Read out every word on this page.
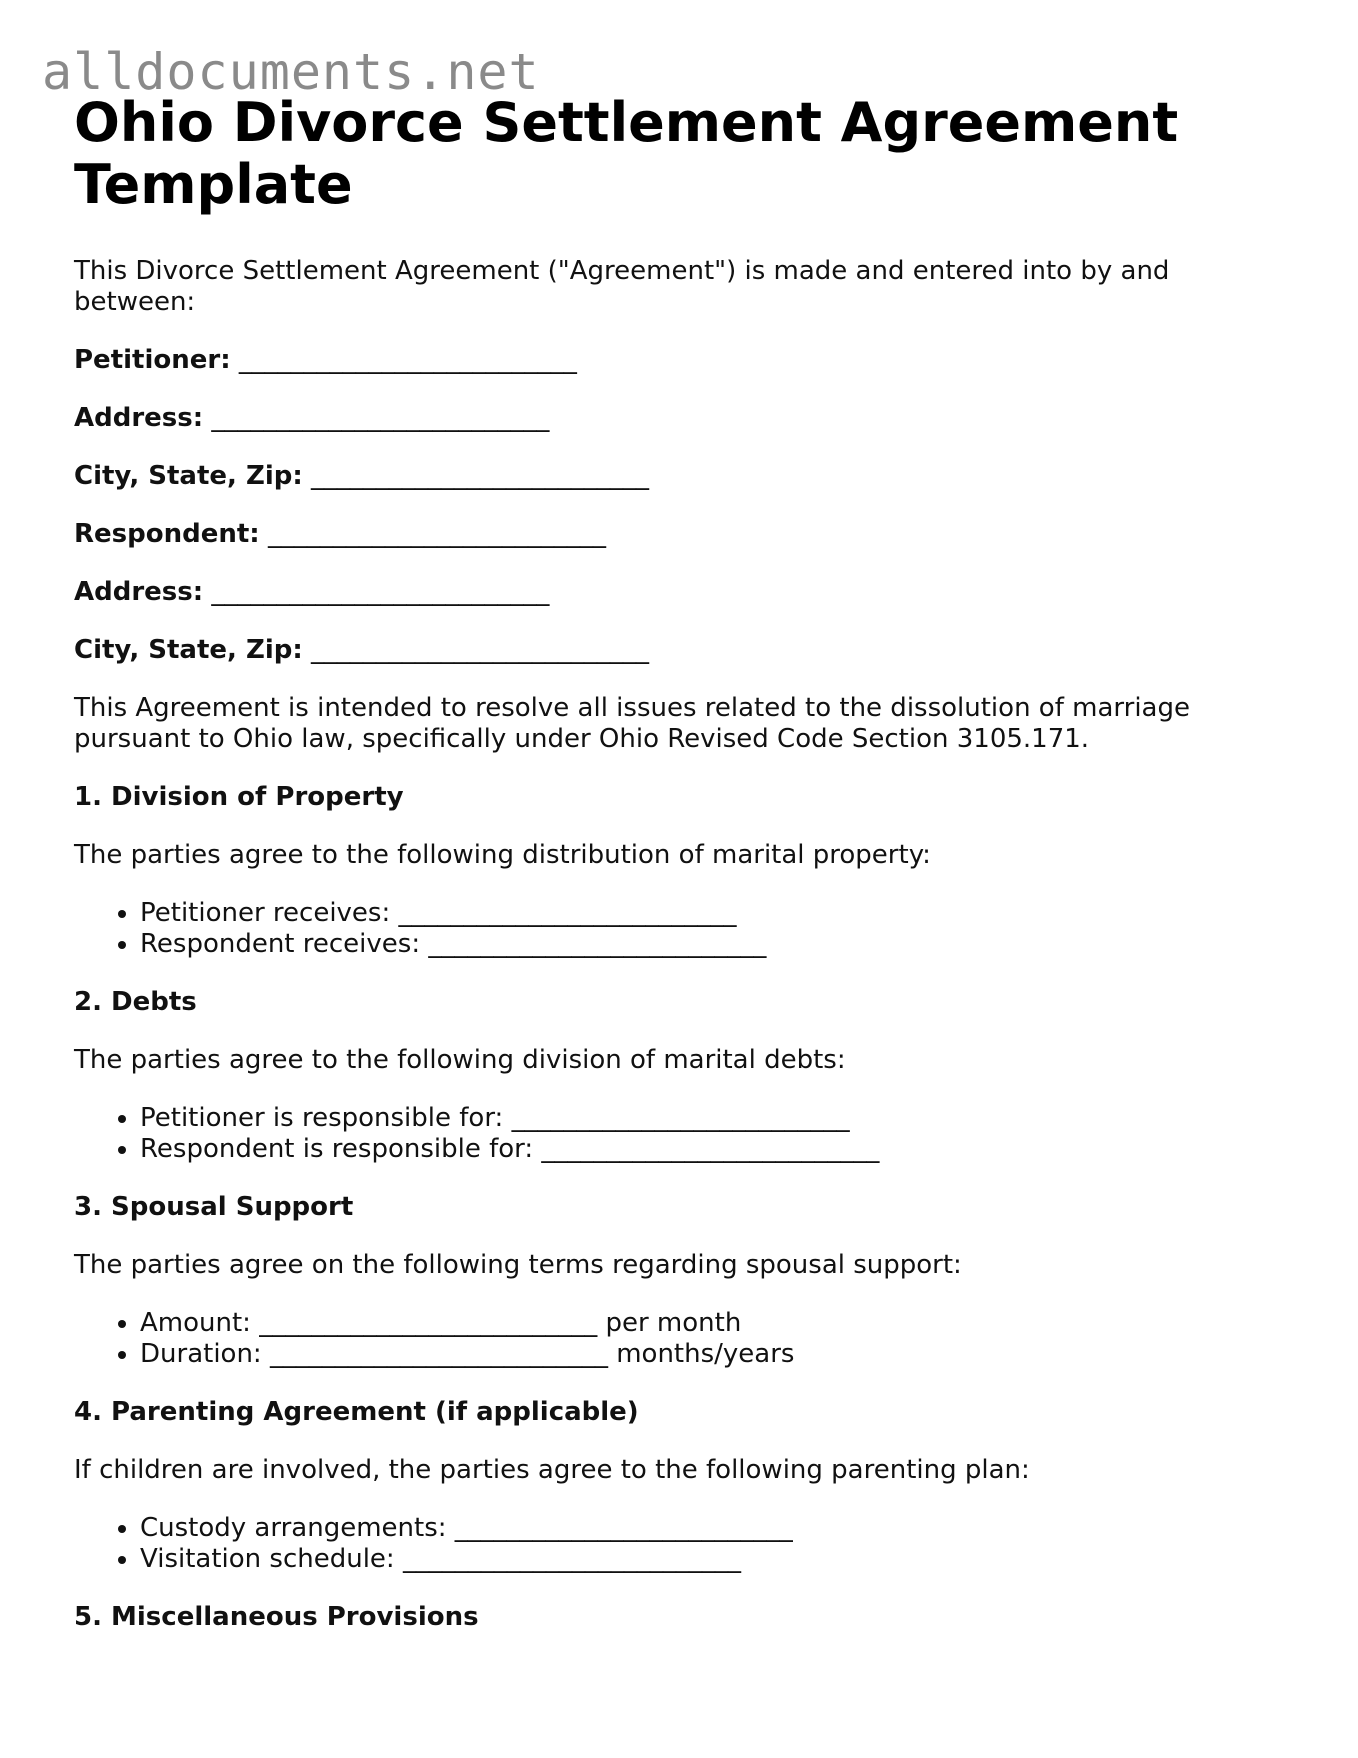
alldocuments.net
Ohio Divorce Settlement Agreement Template

This Divorce Settlement Agreement ("Agreement") is made and entered into by and between:

Petitioner: __________________________

Address: __________________________

City, State, Zip: __________________________

Respondent: __________________________

Address: __________________________

City, State, Zip: __________________________

This Agreement is intended to resolve all issues related to the dissolution of marriage pursuant to Ohio law, specifically under Ohio Revised Code Section 3105.171.

1. Division of Property

The parties agree to the following distribution of marital property:

• Petitioner receives: __________________________
• Respondent receives: __________________________
2. Debts

The parties agree to the following division of marital debts:

• Petitioner is responsible for: __________________________
• Respondent is responsible for: __________________________
3. Spousal Support

The parties agree on the following terms regarding spousal support:

• Amount: __________________________ per month
• Duration: __________________________ months/years
4. Parenting Agreement (if applicable)

If children are involved, the parties agree to the following parenting plan:

• Custody arrangements: __________________________
• Visitation schedule: __________________________
5. Miscellaneous Provisions
